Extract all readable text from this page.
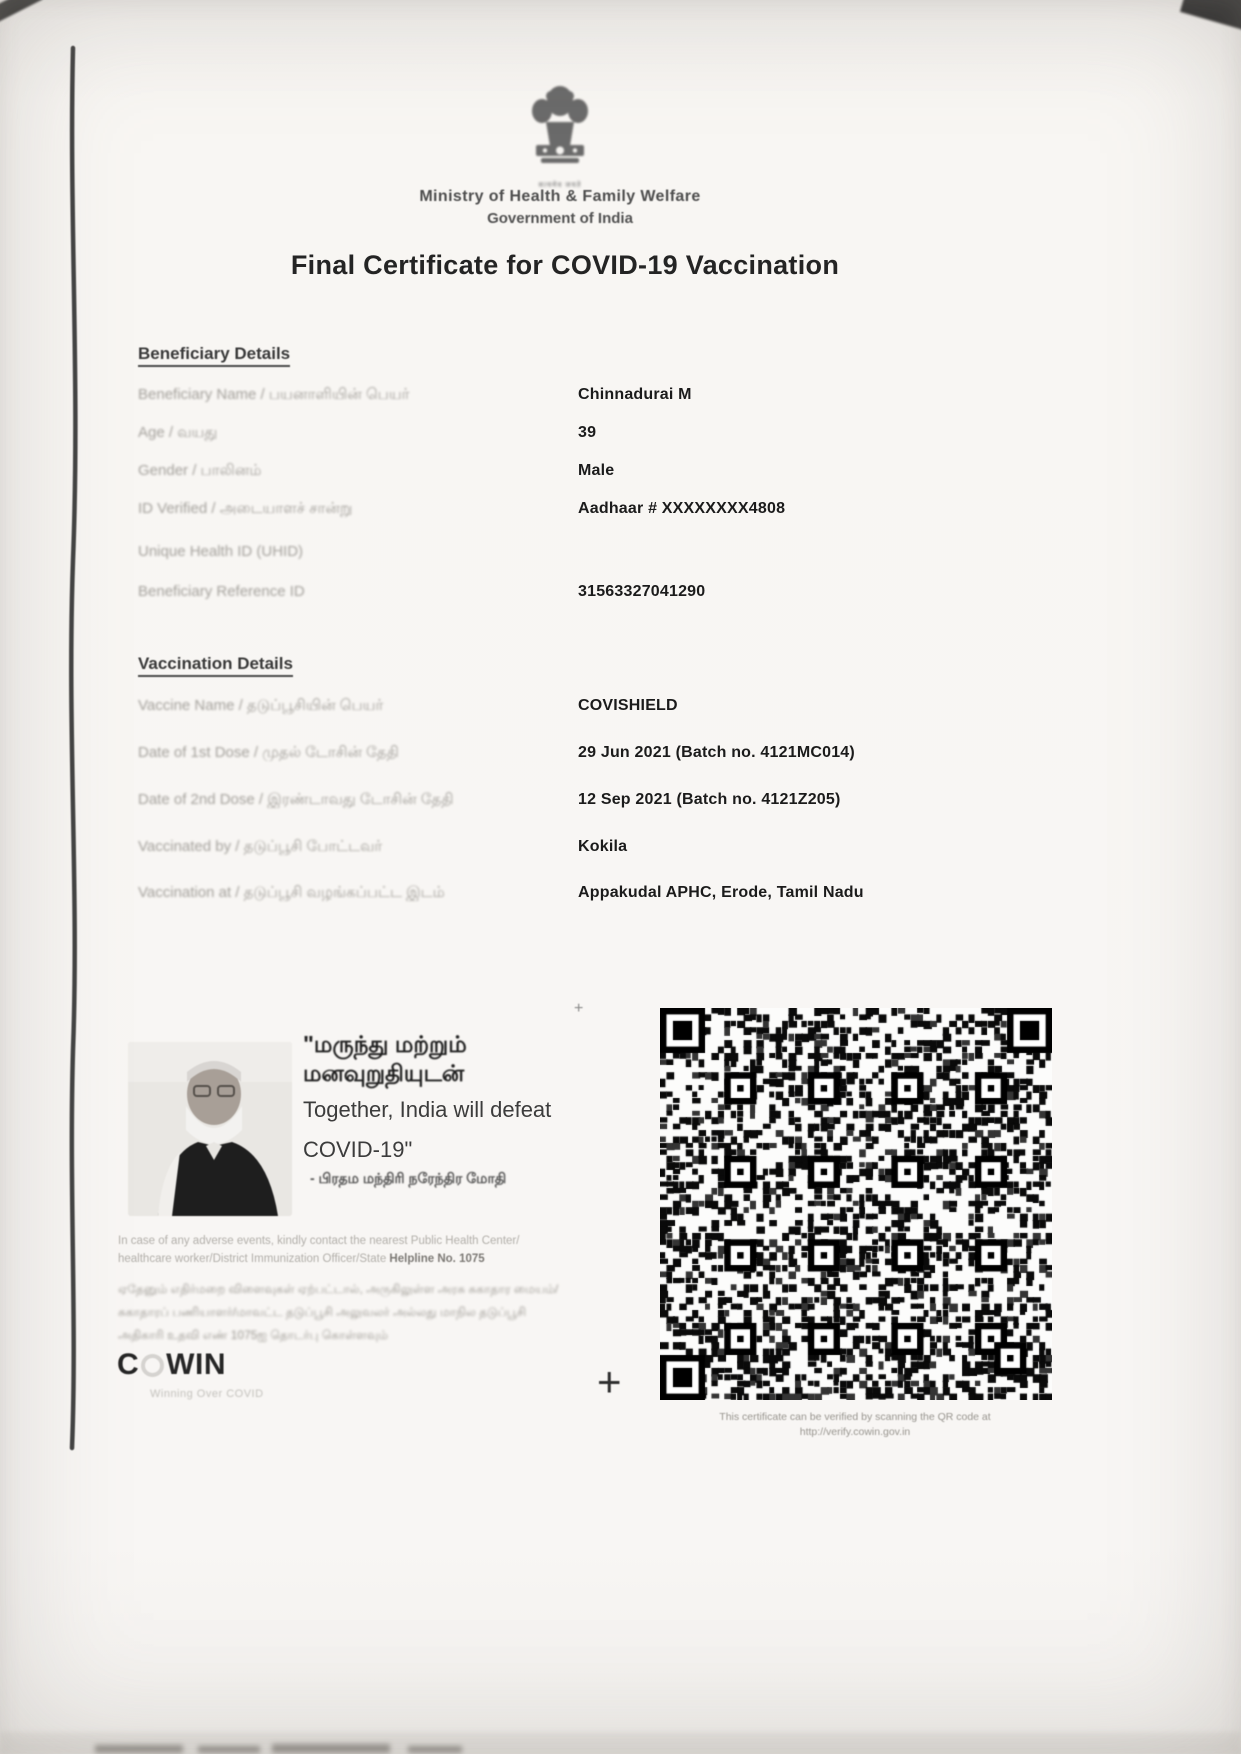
सत्यमेव जयते
Ministry of Health & Family Welfare
Government of India
Final Certificate for COVID-19 Vaccination
Beneficiary Details
Beneficiary Name / பயனாளியின் பெயர்	Chinnadurai M
Age / வயது	39
Gender / பாலினம்	Male
ID Verified / அடையாளச் சான்று	Aadhaar # XXXXXXXX4808
Unique Health ID (UHID)
Beneficiary Reference ID	31563327041290
Vaccination Details
Vaccine Name / தடுப்பூசியின் பெயர்	COVISHIELD
Date of 1st Dose / முதல் டோசின் தேதி	29 Jun 2021 (Batch no. 4121MC014)
Date of 2nd Dose / இரண்டாவது டோசின் தேதி	12 Sep 2021 (Batch no. 4121Z205)
Vaccinated by / தடுப்பூசி போட்டவர்	Kokila
Vaccination at / தடுப்பூசி வழங்கப்பட்ட இடம்	Appakudal APHC, Erode, Tamil Nadu
+
+
"மருந்து மற்றும்
மனவுறுதியுடன்
Together, India will defeat
COVID-19"
- பிரதம மந்திரி நரேந்திர மோதி
In case of any adverse events, kindly contact the nearest Public Health Center/
healthcare worker/District Immunization Officer/State Helpline No. 1075
ஏதேனும் எதிர்மறை விளைவுகள் ஏற்பட்டால், அருகிலுள்ள அரசு சுகாதார மையம்/
சுகாதாரப் பணியாளர்/மாவட்ட தடுப்பூசி அலுவலர் அல்லது மாநில தடுப்பூசி
அதிகாரி உதவி எண் 1075ஐ தொடர்பு கொள்ளவும்
C WIN
Winning Over COVID
This certificate can be verified by scanning the QR code at
http://verify.cowin.gov.in
